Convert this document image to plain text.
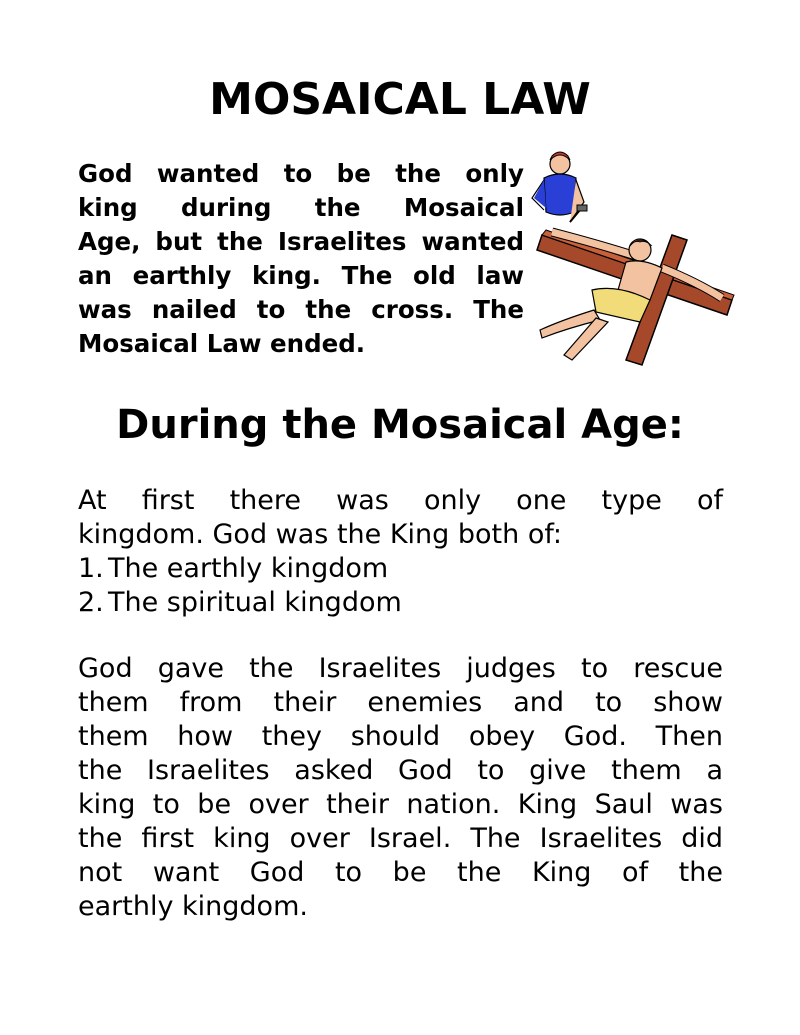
MOSAICAL LAW
God wanted to be the only
king during the Mosaical
Age, but the Israelites wanted
an earthly king. The old law
was nailed to the cross. The
Mosaical Law ended.
During the Mosaical Age:
At first there was only one type of
kingdom. God was the King both of:
1. The earthly kingdom
2. The spiritual kingdom
God gave the Israelites judges to rescue
them from their enemies and to show
them how they should obey God. Then
the Israelites asked God to give them a
king to be over their nation. King Saul was
the first king over Israel. The Israelites did
not want God to be the King of the
earthly kingdom.
